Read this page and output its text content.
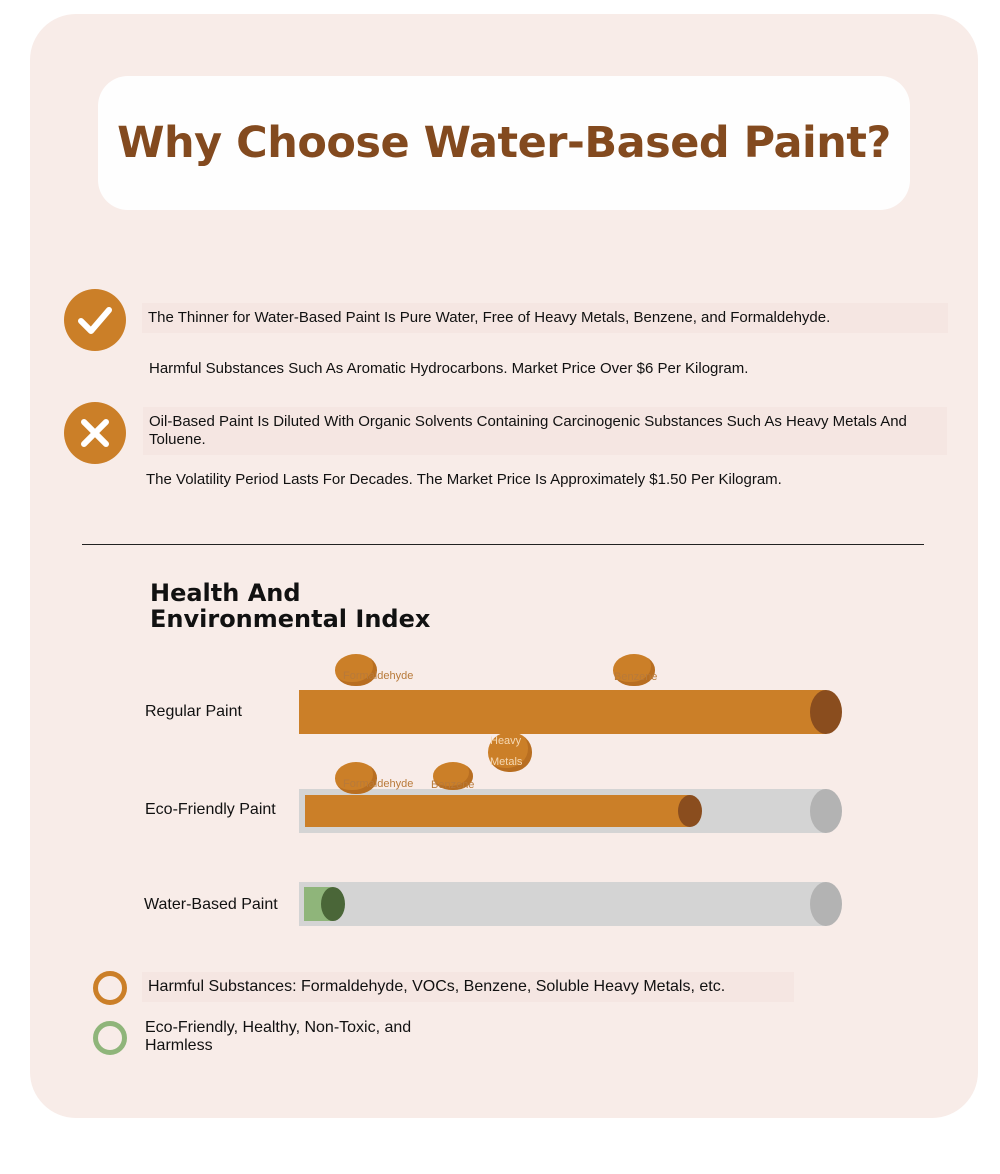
Why Choose Water-Based Paint?
The Thinner for Water-Based Paint Is Pure Water, Free of Heavy Metals, Benzene, and Formaldehyde.
Harmful Substances Such As Aromatic Hydrocarbons. Market Price Over $6 Per Kilogram.
Oil-Based Paint Is Diluted With Organic Solvents Containing Carcinogenic Substances Such As Heavy Metals And Toluene.
The Volatility Period Lasts For Decades. The Market Price Is Approximately $1.50 Per Kilogram.
Health And Environmental Index
Regular Paint
Formaldehyde	Benzene
Heavy Metals
Eco-Friendly Paint
Formaldehyde Benzene
Water-Based Paint
Harmful Substances: Formaldehyde, VOCs, Benzene, Soluble Heavy Metals, etc.
Eco-Friendly, Healthy, Non-Toxic, and Harmless
